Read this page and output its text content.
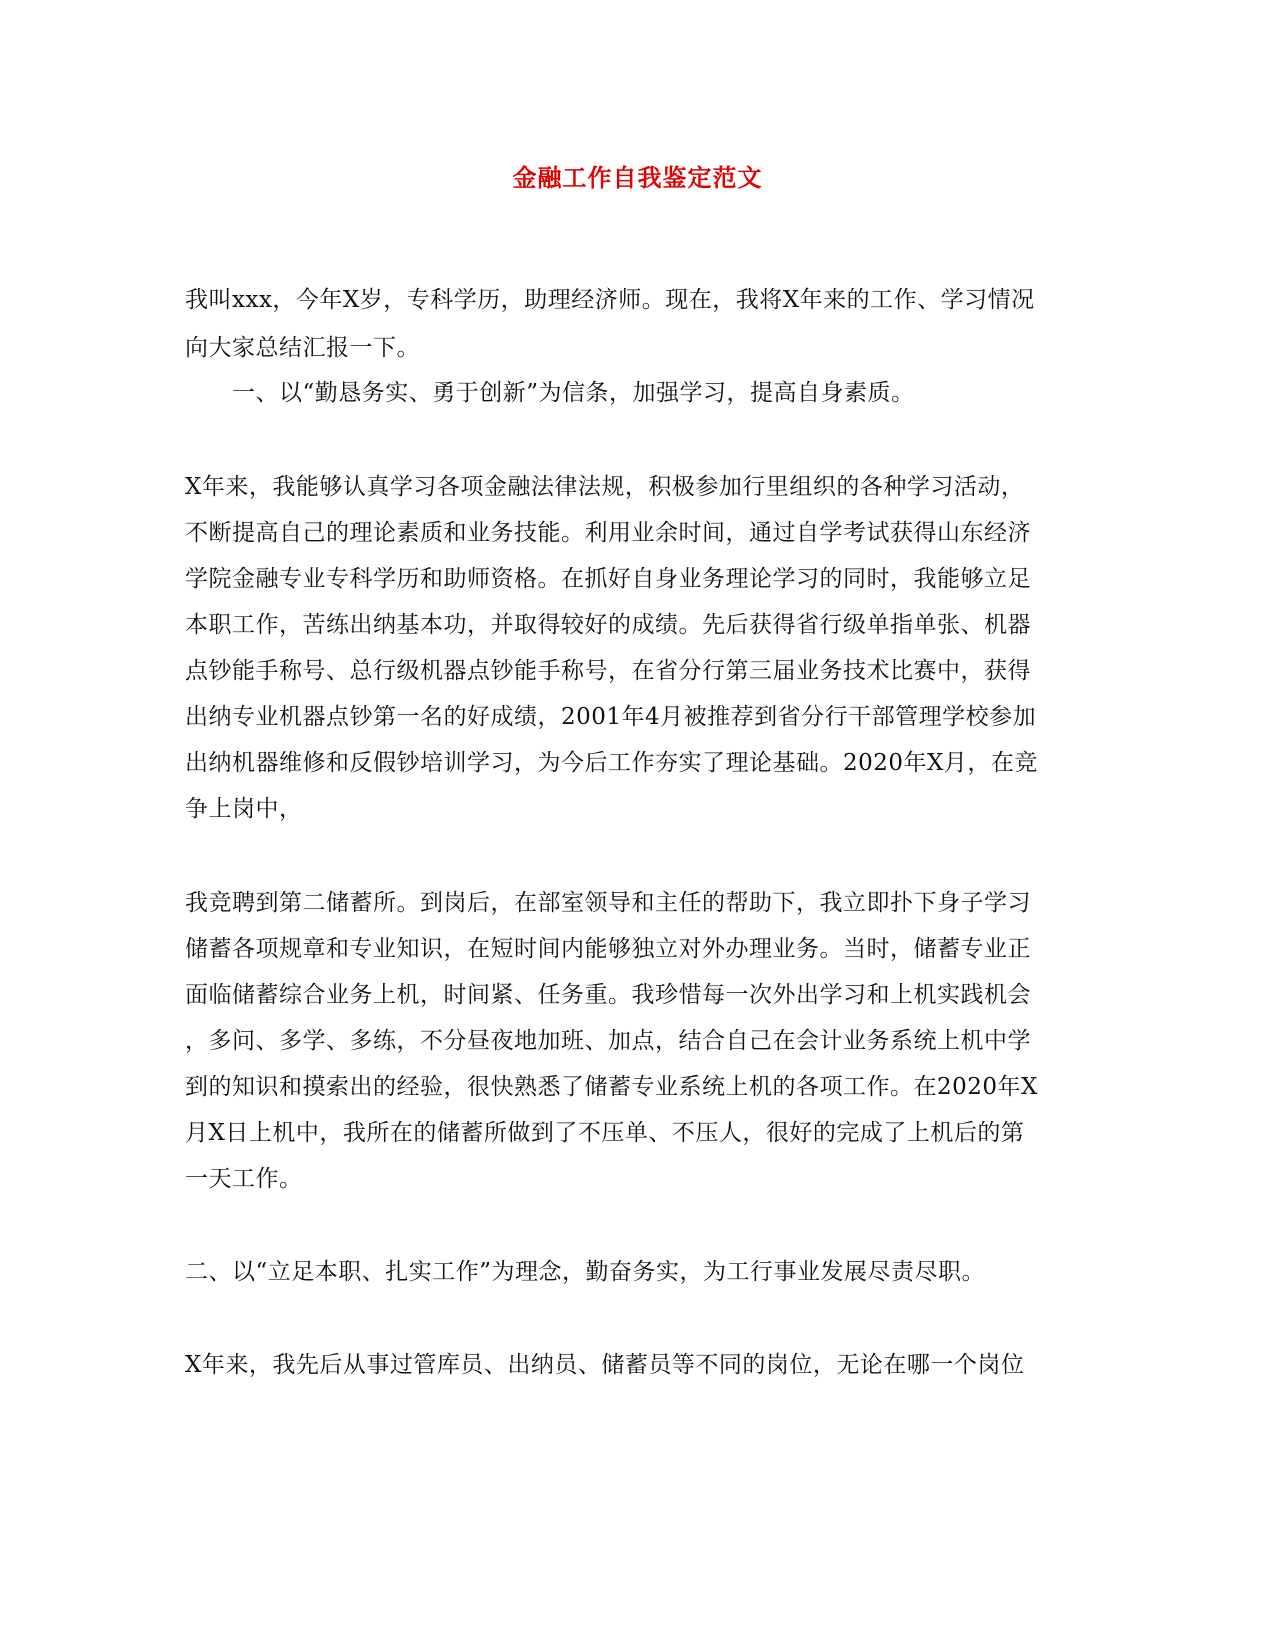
金融工作自我鉴定范文
我叫xxx，今年X岁，专科学历，助理经济师。现在，我将X年来的工作、学习情况
向大家总结汇报一下。
一、以“勤恳务实、勇于创新”为信条，加强学习，提高自身素质。
X年来，我能够认真学习各项金融法律法规，积极参加行里组织的各种学习活动，
不断提高自己的理论素质和业务技能。利用业余时间，通过自学考试获得山东经济
学院金融专业专科学历和助师资格。在抓好自身业务理论学习的同时，我能够立足
本职工作，苦练出纳基本功，并取得较好的成绩。先后获得省行级单指单张、机器
点钞能手称号、总行级机器点钞能手称号，在省分行第三届业务技术比赛中，获得
出纳专业机器点钞第一名的好成绩，2001年4月被推荐到省分行干部管理学校参加
出纳机器维修和反假钞培训学习，为今后工作夯实了理论基础。2020年X月，在竞
争上岗中，
我竞聘到第二储蓄所。到岗后，在部室领导和主任的帮助下，我立即扑下身子学习
储蓄各项规章和专业知识，在短时间内能够独立对外办理业务。当时，储蓄专业正
面临储蓄综合业务上机，时间紧、任务重。我珍惜每一次外出学习和上机实践机会
，多问、多学、多练，不分昼夜地加班、加点，结合自己在会计业务系统上机中学
到的知识和摸索出的经验，很快熟悉了储蓄专业系统上机的各项工作。在2020年X
月X日上机中，我所在的储蓄所做到了不压单、不压人，很好的完成了上机后的第
一天工作。
二、以“立足本职、扎实工作”为理念，勤奋务实，为工行事业发展尽责尽职。
X年来，我先后从事过管库员、出纳员、储蓄员等不同的岗位，无论在哪一个岗位
